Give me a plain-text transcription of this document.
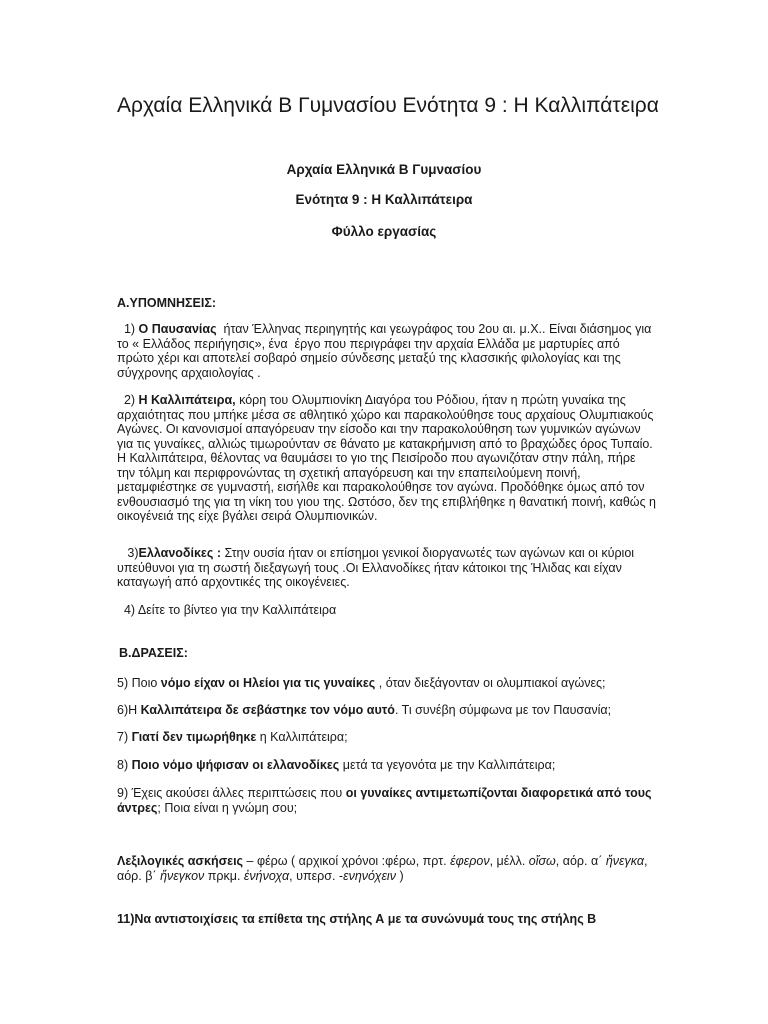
Αρχαία Ελληνικά Β Γυμνασίου Ενότητα 9 : Η Καλλιπάτειρα
Αρχαία Ελληνικά Β Γυμνασίου
Ενότητα 9 : Η Καλλιπάτειρα
Φύλλο εργασίας
Α.ΥΠΟΜΝΗΣΕΙΣ:
1) Ο Παυσανίας  ήταν Έλληνας περιηγητής και γεωγράφος του 2ου αι. μ.Χ.. Είναι διάσημος για το « Ελλάδος περιήγησις», ένα  έργο που περιγράφει την αρχαία Ελλάδα με μαρτυρίες από πρώτο χέρι και αποτελεί σοβαρό σημείο σύνδεσης μεταξύ της κλασσικής φιλολογίας και της σύγχρονης αρχαιολογίας .
2) Η Καλλιπάτειρα, κόρη του Ολυμπιονίκη Διαγόρα του Ρόδιου, ήταν η πρώτη γυναίκα της αρχαιότητας που μπήκε μέσα σε αθλητικό χώρο και παρακολούθησε τους αρχαίους Ολυμπιακούς Αγώνες. Οι κανονισμοί απαγόρευαν την είσοδο και την παρακολούθηση των γυμνικών αγώνων για τις γυναίκες, αλλιώς τιμωρούνταν σε θάνατο με κατακρήμνιση από το βραχώδες όρος Τυπαίο. Η Καλλιπάτειρα, θέλοντας να θαυμάσει το γιο της Πεισίροδο που αγωνιζόταν στην πάλη, πήρε την τόλμη και περιφρονώντας τη σχετική απαγόρευση και την επαπειλούμενη ποινή, μεταμφιέστηκε σε γυμναστή, εισήλθε και παρακολούθησε τον αγώνα. Προδόθηκε όμως από τον ενθουσιασμό της για τη νίκη του γιου της. Ωστόσο, δεν της επιβλήθηκε η θανατική ποινή, καθώς η οικογένειά της είχε βγάλει σειρά Ολυμπιονικών.
3)Ελλανοδίκες : Στην ουσία ήταν οι επίσημοι γενικοί διοργανωτές των αγώνων και οι κύριοι υπεύθυνοι για τη σωστή διεξαγωγή τους .Οι Ελλανοδίκες ήταν κάτοικοι της Ήλιδας και είχαν καταγωγή από αρχοντικές της οικογένειες.
4) Δείτε το βίντεο για την Καλλιπάτειρα
Β.ΔΡΑΣΕΙΣ:
5) Ποιο νόμο είχαν οι Ηλείοι για τις γυναίκες , όταν διεξάγονταν οι ολυμπιακοί αγώνες;
6)Η Καλλιπάτειρα δε σεβάστηκε τον νόμο αυτό. Τι συνέβη σύμφωνα με τον Παυσανία;
7) Γιατί δεν τιμωρήθηκε η Καλλιπάτειρα;
8) Ποιο νόμο ψήφισαν οι ελλανοδίκες μετά τα γεγονότα με την Καλλιπάτειρα;
9) Έχεις ακούσει άλλες περιπτώσεις που οι γυναίκες αντιμετωπίζονται διαφορετικά από τους άντρες; Ποια είναι η γνώμη σου;
Λεξιλογικές ασκήσεις – φέρω ( αρχικοί χρόνοι :φέρω, πρτ. έφερον, μέλλ. οἴσω, αόρ. α΄ ἤνεγκα, αόρ. β΄ ἤνεγκον πρκμ. ἐνήνοχα, υπερσ. -ενηνόχειν )
11)Να αντιστοιχίσεις τα επίθετα της στήλης Α με τα συνώνυμά τους της στήλης Β
